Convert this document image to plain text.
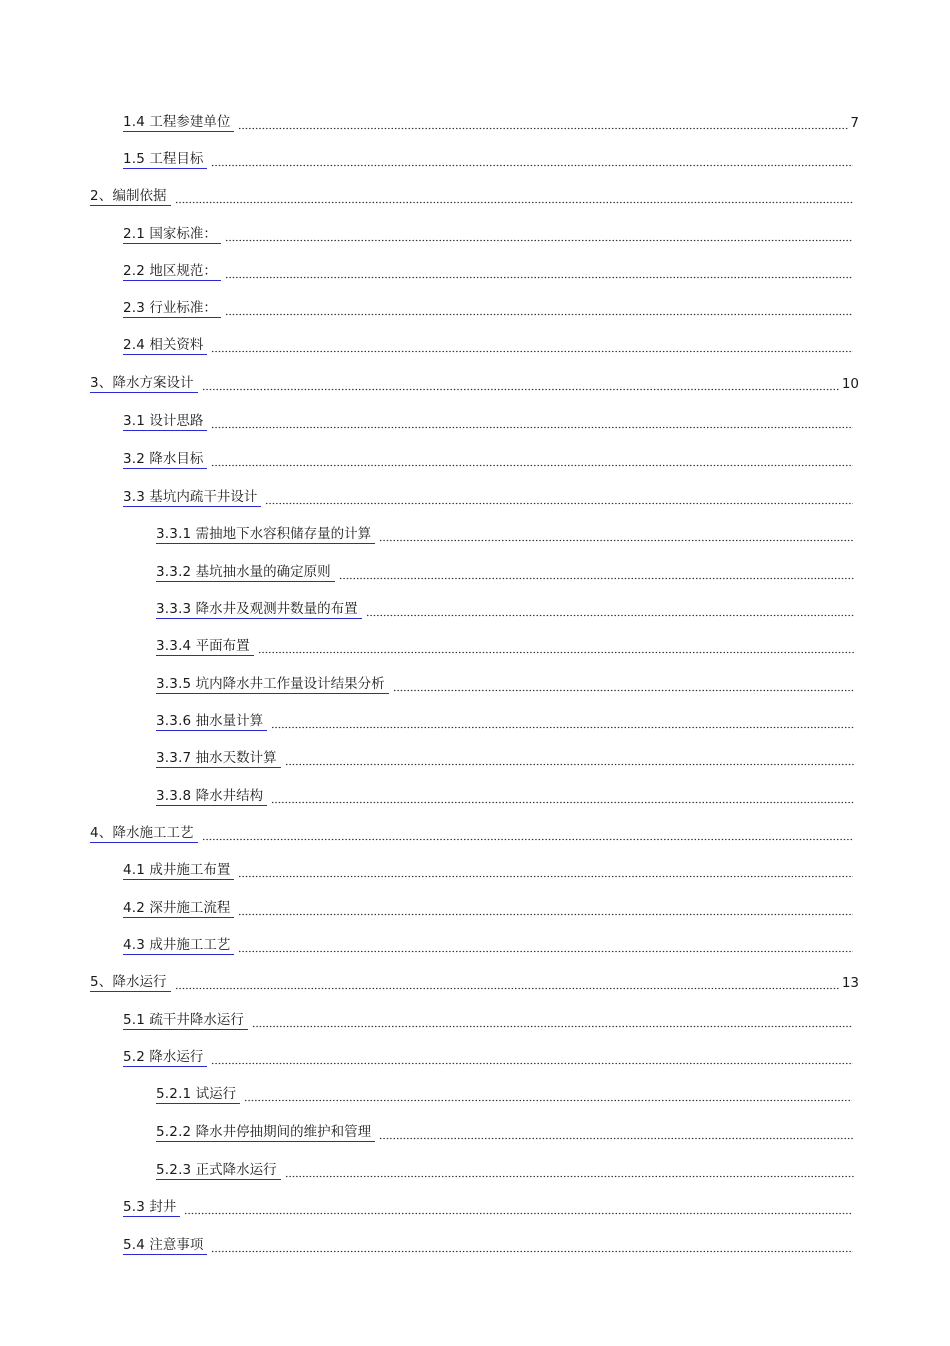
1.4 工程参建单位	7
1.5 工程目标
2、编制依据
2.1 国家标准：
2.2 地区规范：
2.3 行业标准：
2.4 相关资料
3、降水方案设计	10
3.1 设计思路
3.2 降水目标
3.3 基坑内疏干井设计
3.3.1 需抽地下水容积储存量的计算
3.3.2 基坑抽水量的确定原则
3.3.3 降水井及观测井数量的布置
3.3.4 平面布置
3.3.5 坑内降水井工作量设计结果分析
3.3.6 抽水量计算
3.3.7 抽水天数计算
3.3.8 降水井结构
4、降水施工工艺
4.1 成井施工布置
4.2 深井施工流程
4.3 成井施工工艺
5、降水运行	13
5.1 疏干井降水运行
5.2 降水运行
5.2.1 试运行
5.2.2 降水井停抽期间的维护和管理
5.2.3 正式降水运行
5.3 封井
5.4 注意事项
